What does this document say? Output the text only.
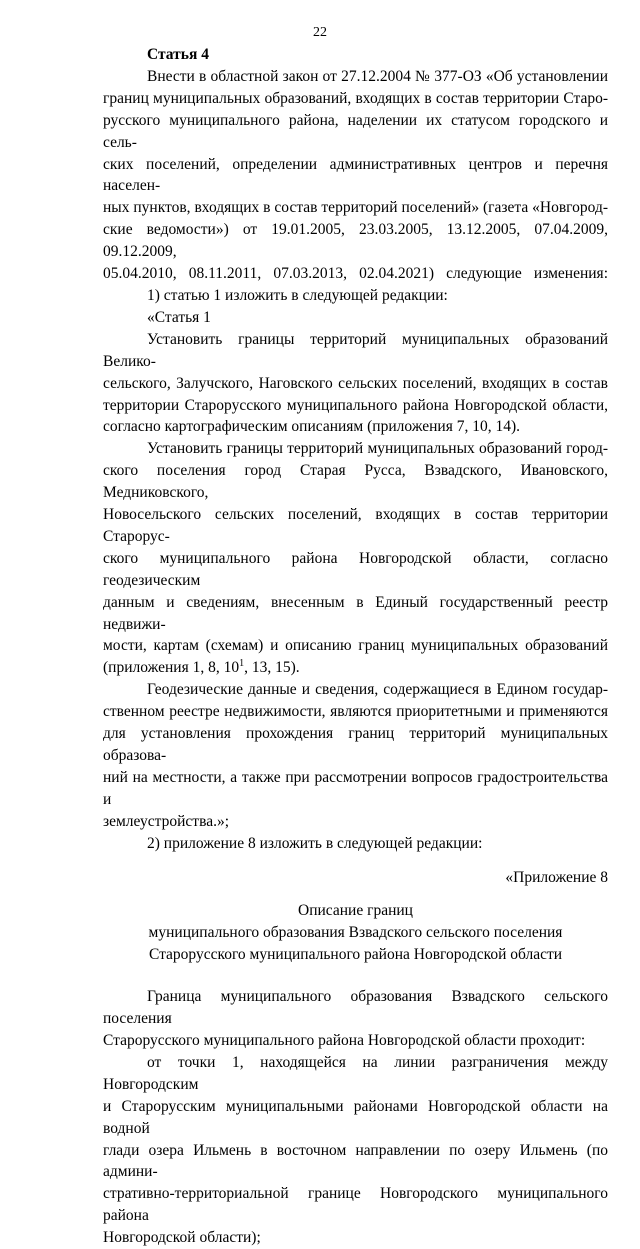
22

Статья 4

Внести в областной закон от 27.12.2004 № 377-ОЗ «Об установлении

границ муниципальных образований, входящих в состав территории Старо-

русского муниципального района, наделении их статусом городского и сель-

ских поселений, определении административных центров и перечня населен-

ных пунктов, входящих в состав территорий поселений» (газета «Новгород-

ские ведомости») от 19.01.2005, 23.03.2005, 13.12.2005, 07.04.2009, 09.12.2009,

05.04.2010, 08.11.2011, 07.03.2013, 02.04.2021) следующие изменения:

1) статью 1 изложить в следующей редакции:

«Статья 1

Установить границы территорий муниципальных образований Велико-

сельского, Залучского, Наговского сельских поселений, входящих в состав

территории Старорусского муниципального района Новгородской области,

согласно картографическим описаниям (приложения 7, 10, 14).

Установить границы территорий муниципальных образований город-

ского поселения город Старая Русса, Взвадского, Ивановского, Медниковского,

Новосельского сельских поселений, входящих в состав территории Старорус-

ского муниципального района Новгородской области, согласно геодезическим

данным и сведениям, внесенным в Единый государственный реестр недвижи-

мости, картам (схемам) и описанию границ муниципальных образований

(приложения 1, 8, $10^1$, 13, 15).

Геодезические данные и сведения, содержащиеся в Едином государ-

ственном реестре недвижимости, являются приоритетными и применяются

для установления прохождения границ территорий муниципальных образова-

ний на местности, а также при рассмотрении вопросов градостроительства и

землеустройства.»;

2) приложение 8 изложить в следующей редакции:

«Приложение 8

Описание границ

муниципального образования Взвадского сельского поселения

Старорусского муниципального района Новгородской области

Граница муниципального образования Взвадского сельского поселения

Старорусского муниципального района Новгородской области проходит:

от точки 1, находящейся на линии разграничения между Новгородским

и Старорусским муниципальными районами Новгородской области на водной

глади озера Ильмень в восточном направлении по озеру Ильмень (по админи-

стративно-территориальной границе Новгородского муниципального района

Новгородской области);
